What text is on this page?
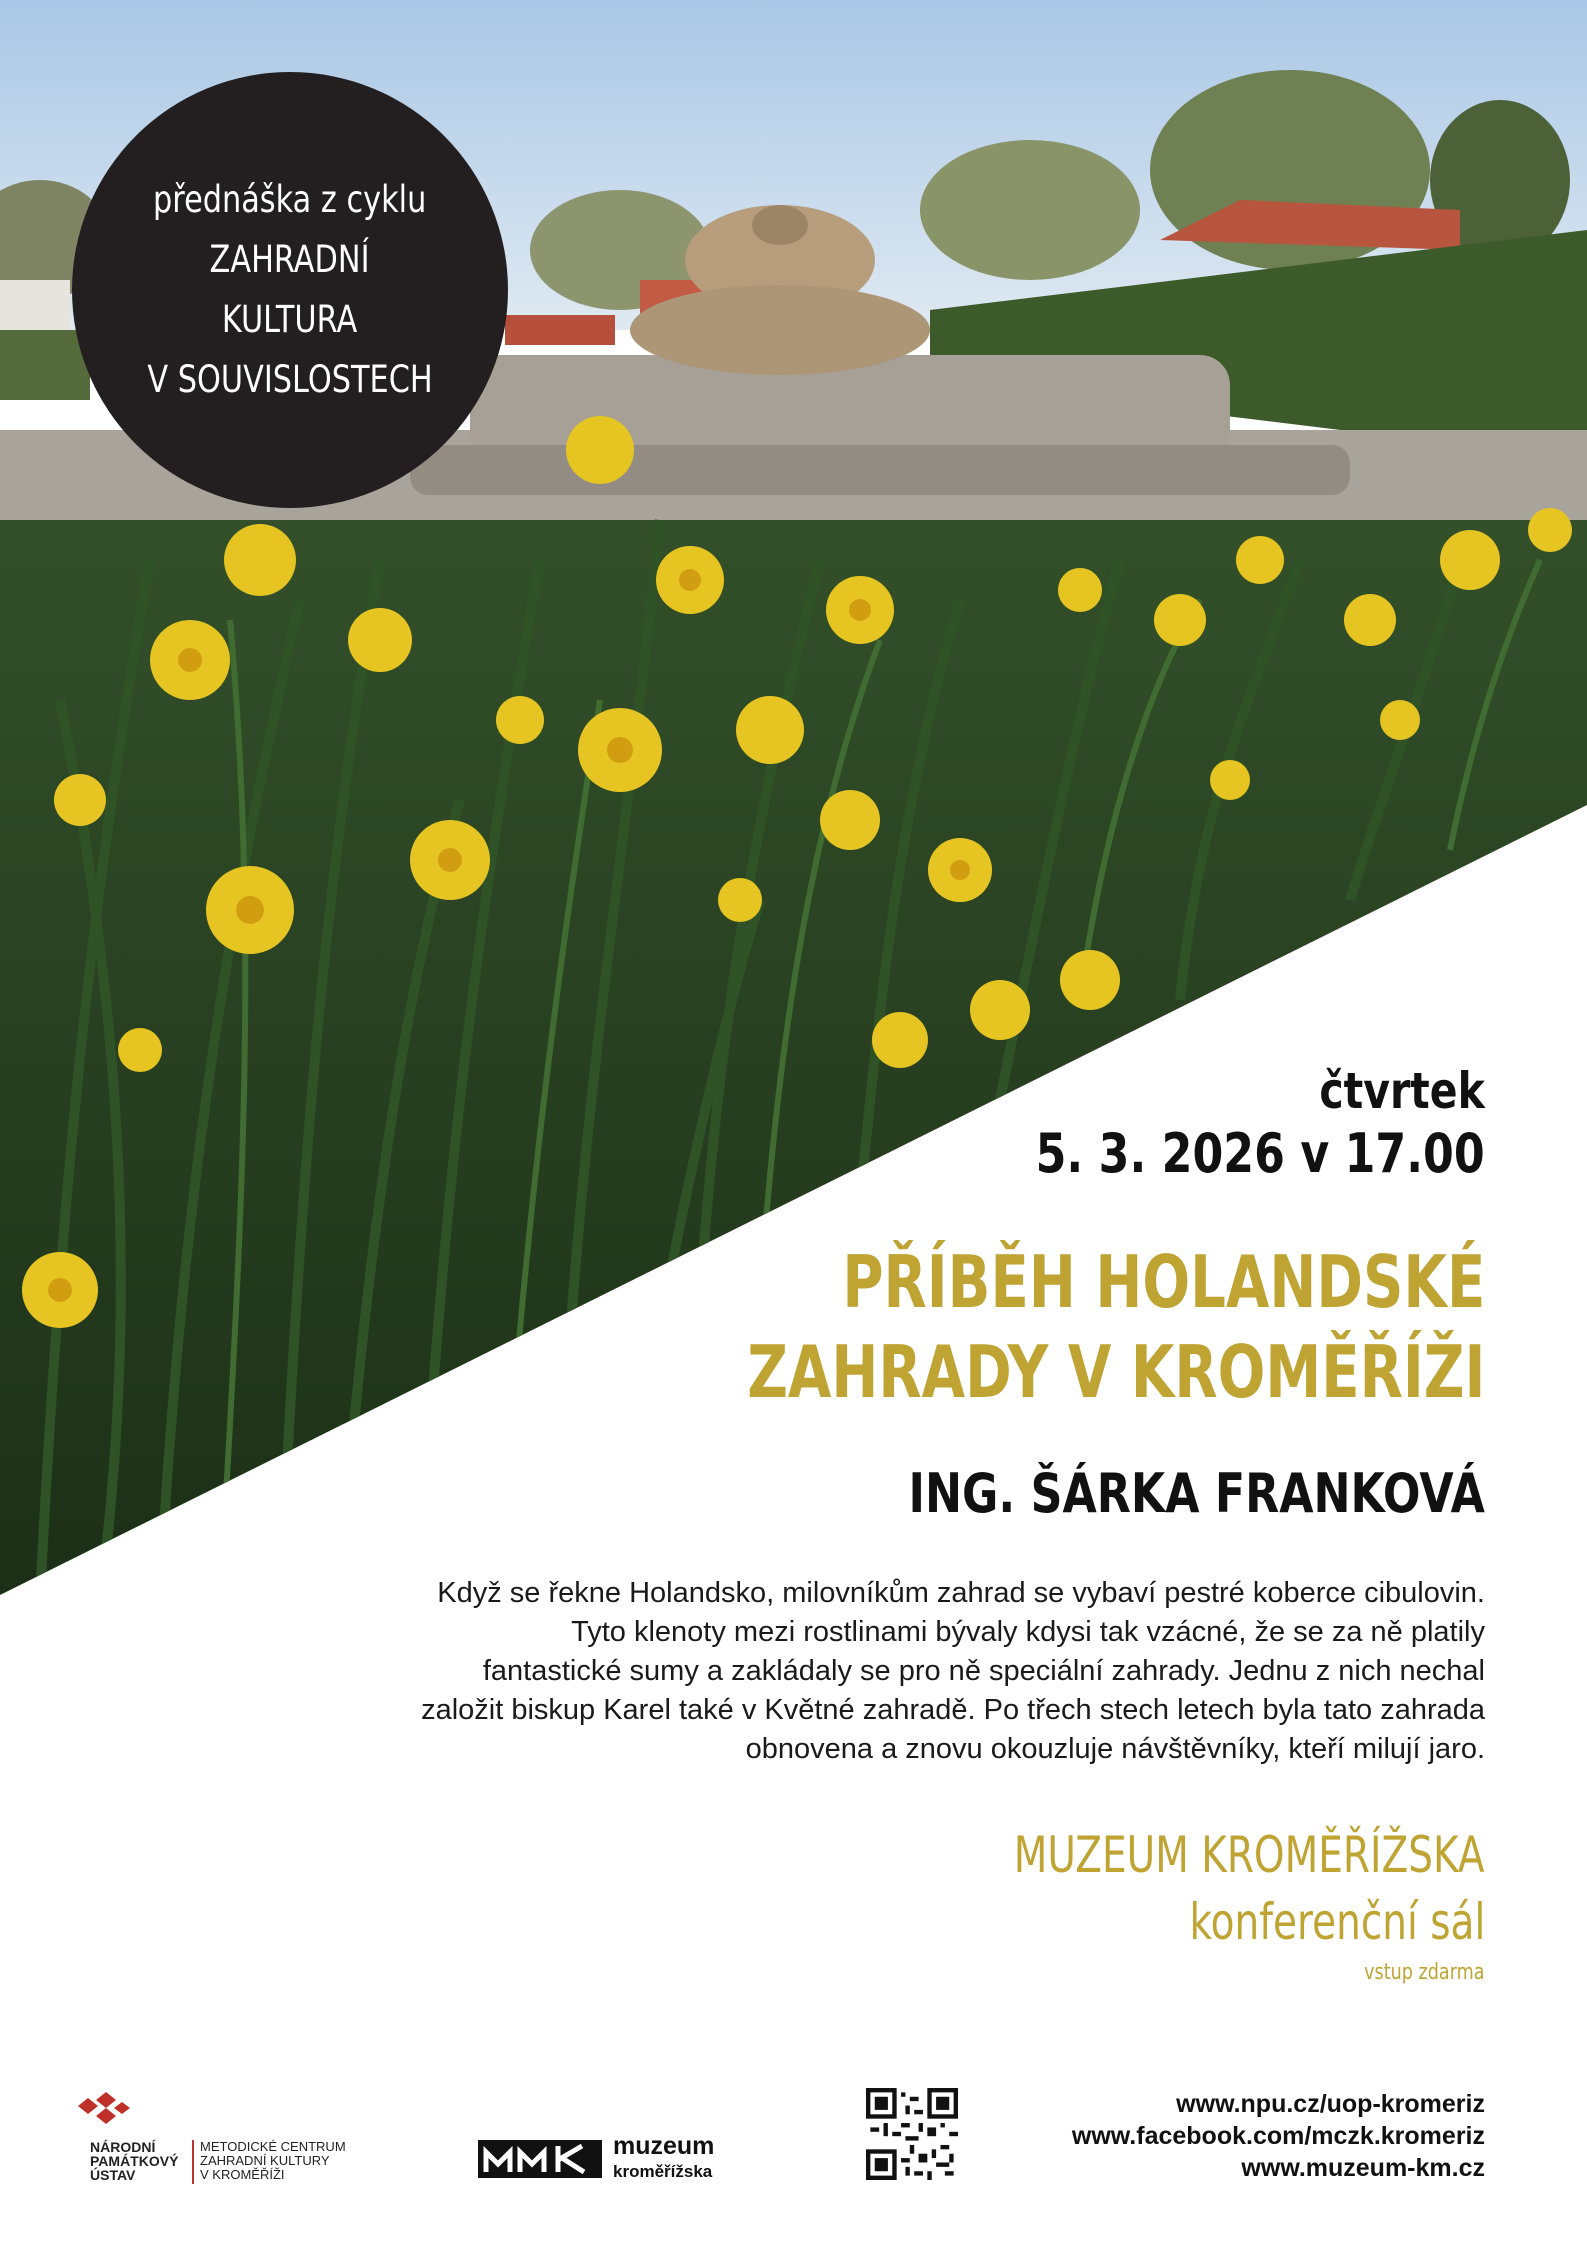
přednáška z cyklu
ZAHRADNÍ
KULTURA
V SOUVISLOSTECH
čtvrtek
5. 3. 2026 v 17.00
PŘÍBĚH HOLANDSKÉ
ZAHRADY V KROMĚŘÍŽI
ING. ŠÁRKA FRANKOVÁ
Když se řekne Holandsko, milovníkům zahrad se vybaví pestré koberce cibulovin.
Tyto klenoty mezi rostlinami bývaly kdysi tak vzácné, že se za ně platily
fantastické sumy a zakládaly se pro ně speciální zahrady. Jednu z nich nechal
založit biskup Karel také v Květné zahradě. Po třech stech letech byla tato zahrada
obnovena a znovu okouzluje návštěvníky, kteří milují jaro.
MUZEUM KROMĚŘÍŽSKA
konferenční sál
vstup zdarma
NÁRODNÍ
PAMÁTKOVÝ
ÚSTAV
METODICKÉ CENTRUM
ZAHRADNÍ KULTURY
V KROMĚŘÍŽI
muzeum
kroměřížska
www.npu.cz/uop-kromeriz
www.facebook.com/mczk.kromeriz
www.muzeum-km.cz
